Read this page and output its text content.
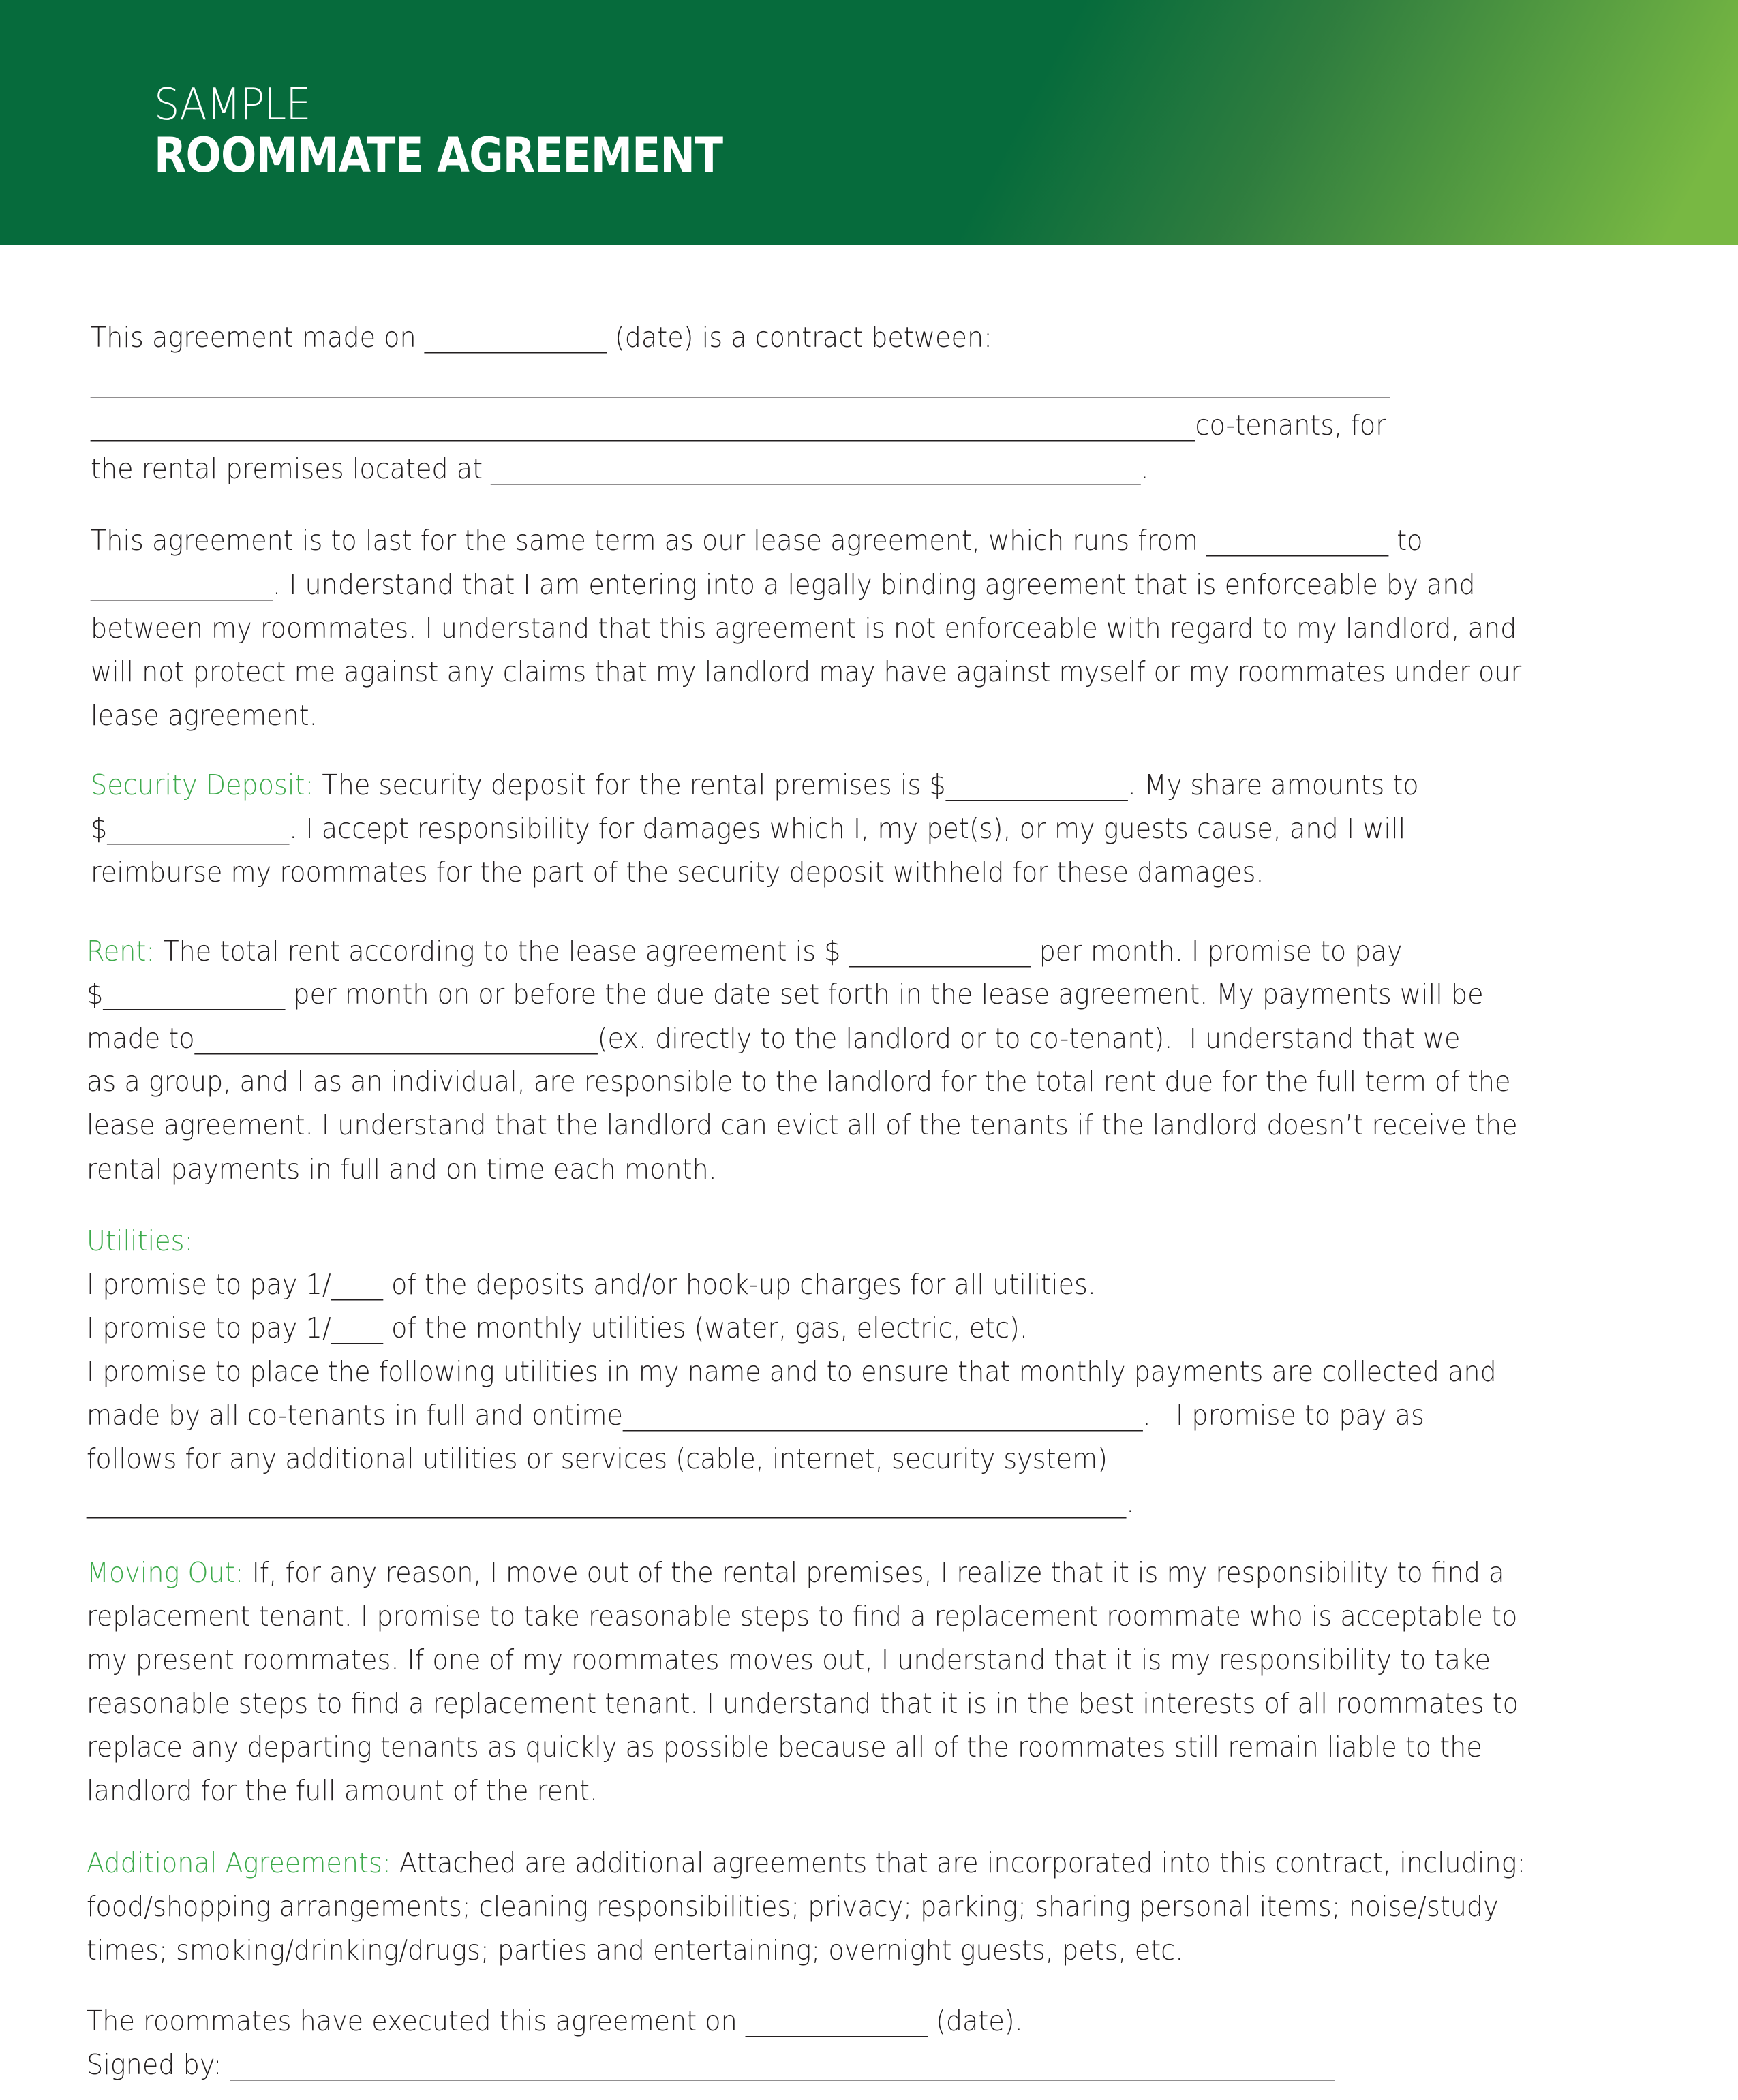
SAMPLE
ROOMMATE AGREEMENT
This agreement made on ______________ (date) is a contract between:
____________________________________________________________________________________________________
_____________________________________________________________________________________co-tenants, for
the rental premises located at __________________________________________________.
This agreement is to last for the same term as our lease agreement, which runs from ______________ to
______________. I understand that I am entering into a legally binding agreement that is enforceable by and
between my roommates. I understand that this agreement is not enforceable with regard to my landlord, and
will not protect me against any claims that my landlord may have against myself or my roommates under our
lease agreement.
Security Deposit: The security deposit for the rental premises is $______________. My share amounts to
$______________. I accept responsibility for damages which I, my pet(s), or my guests cause, and I will
reimburse my roommates for the part of the security deposit withheld for these damages.
Rent: The total rent according to the lease agreement is $ ______________ per month. I promise to pay
$______________ per month on or before the due date set forth in the lease agreement. My payments will be
made to_______________________________(ex. directly to the landlord or to co-tenant).  I understand that we
as a group, and I as an individual, are responsible to the landlord for the total rent due for the full term of the
lease agreement. I understand that the landlord can evict all of the tenants if the landlord doesn’t receive the
rental payments in full and on time each month.
Utilities:
I promise to pay 1/____ of the deposits and/or hook-up charges for all utilities.
I promise to pay 1/____ of the monthly utilities (water, gas, electric, etc).
I promise to place the following utilities in my name and to ensure that monthly payments are collected and
made by all co-tenants in full and ontime________________________________________.   I promise to pay as
follows for any additional utilities or services (cable, internet, security system)
________________________________________________________________________________.
Moving Out: If, for any reason, I move out of the rental premises, I realize that it is my responsibility to find a
replacement tenant. I promise to take reasonable steps to find a replacement roommate who is acceptable to
my present roommates. If one of my roommates moves out, I understand that it is my responsibility to take
reasonable steps to find a replacement tenant. I understand that it is in the best interests of all roommates to
replace any departing tenants as quickly as possible because all of the roommates still remain liable to the
landlord for the full amount of the rent.
Additional Agreements: Attached are additional agreements that are incorporated into this contract, including:
food/shopping arrangements; cleaning responsibilities; privacy; parking; sharing personal items; noise/study
times; smoking/drinking/drugs; parties and entertaining; overnight guests, pets, etc.
The roommates have executed this agreement on ______________ (date).
Signed by: _____________________________________________________________________________________
